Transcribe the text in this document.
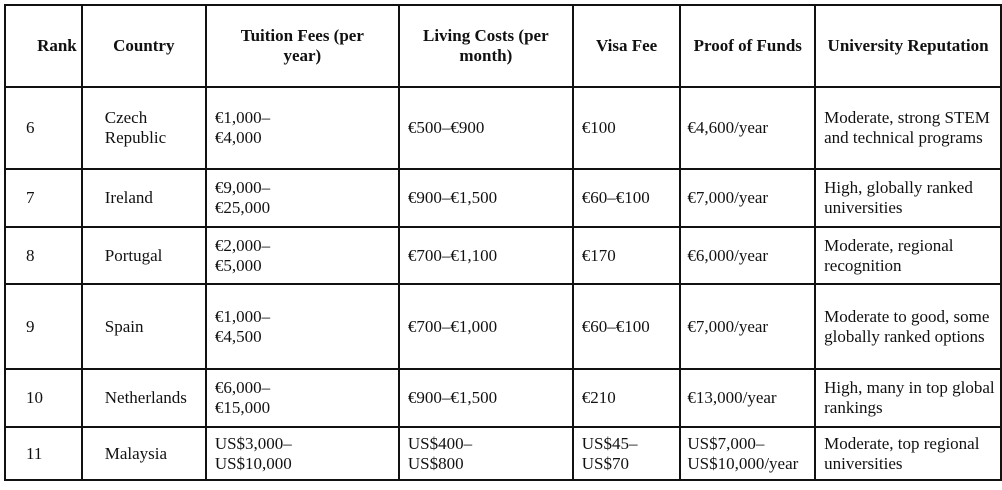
Rank	Country	Tuition Fees (per year)	Living Costs (per month)	Visa Fee	Proof of Funds	University Reputation
6	Czech Republic	€1,000–€4,000	€500–€900	€100	€4,600/year	Moderate, strong STEM and technical programs
7	Ireland	€9,000–€25,000	€900–€1,500	€60–€100	€7,000/year	High, globally ranked universities
8	Portugal	€2,000–€5,000	€700–€1,100	€170	€6,000/year	Moderate, regional recognition
9	Spain	€1,000–€4,500	€700–€1,000	€60–€100	€7,000/year	Moderate to good, some globally ranked options
10	Netherlands	€6,000–€15,000	€900–€1,500	€210	€13,000/year	High, many in top global rankings
11	Malaysia	US$3,000–US$10,000	US$400–US$800	US$45–US$70	US$7,000–US$10,000/year	Moderate, top regional universities
